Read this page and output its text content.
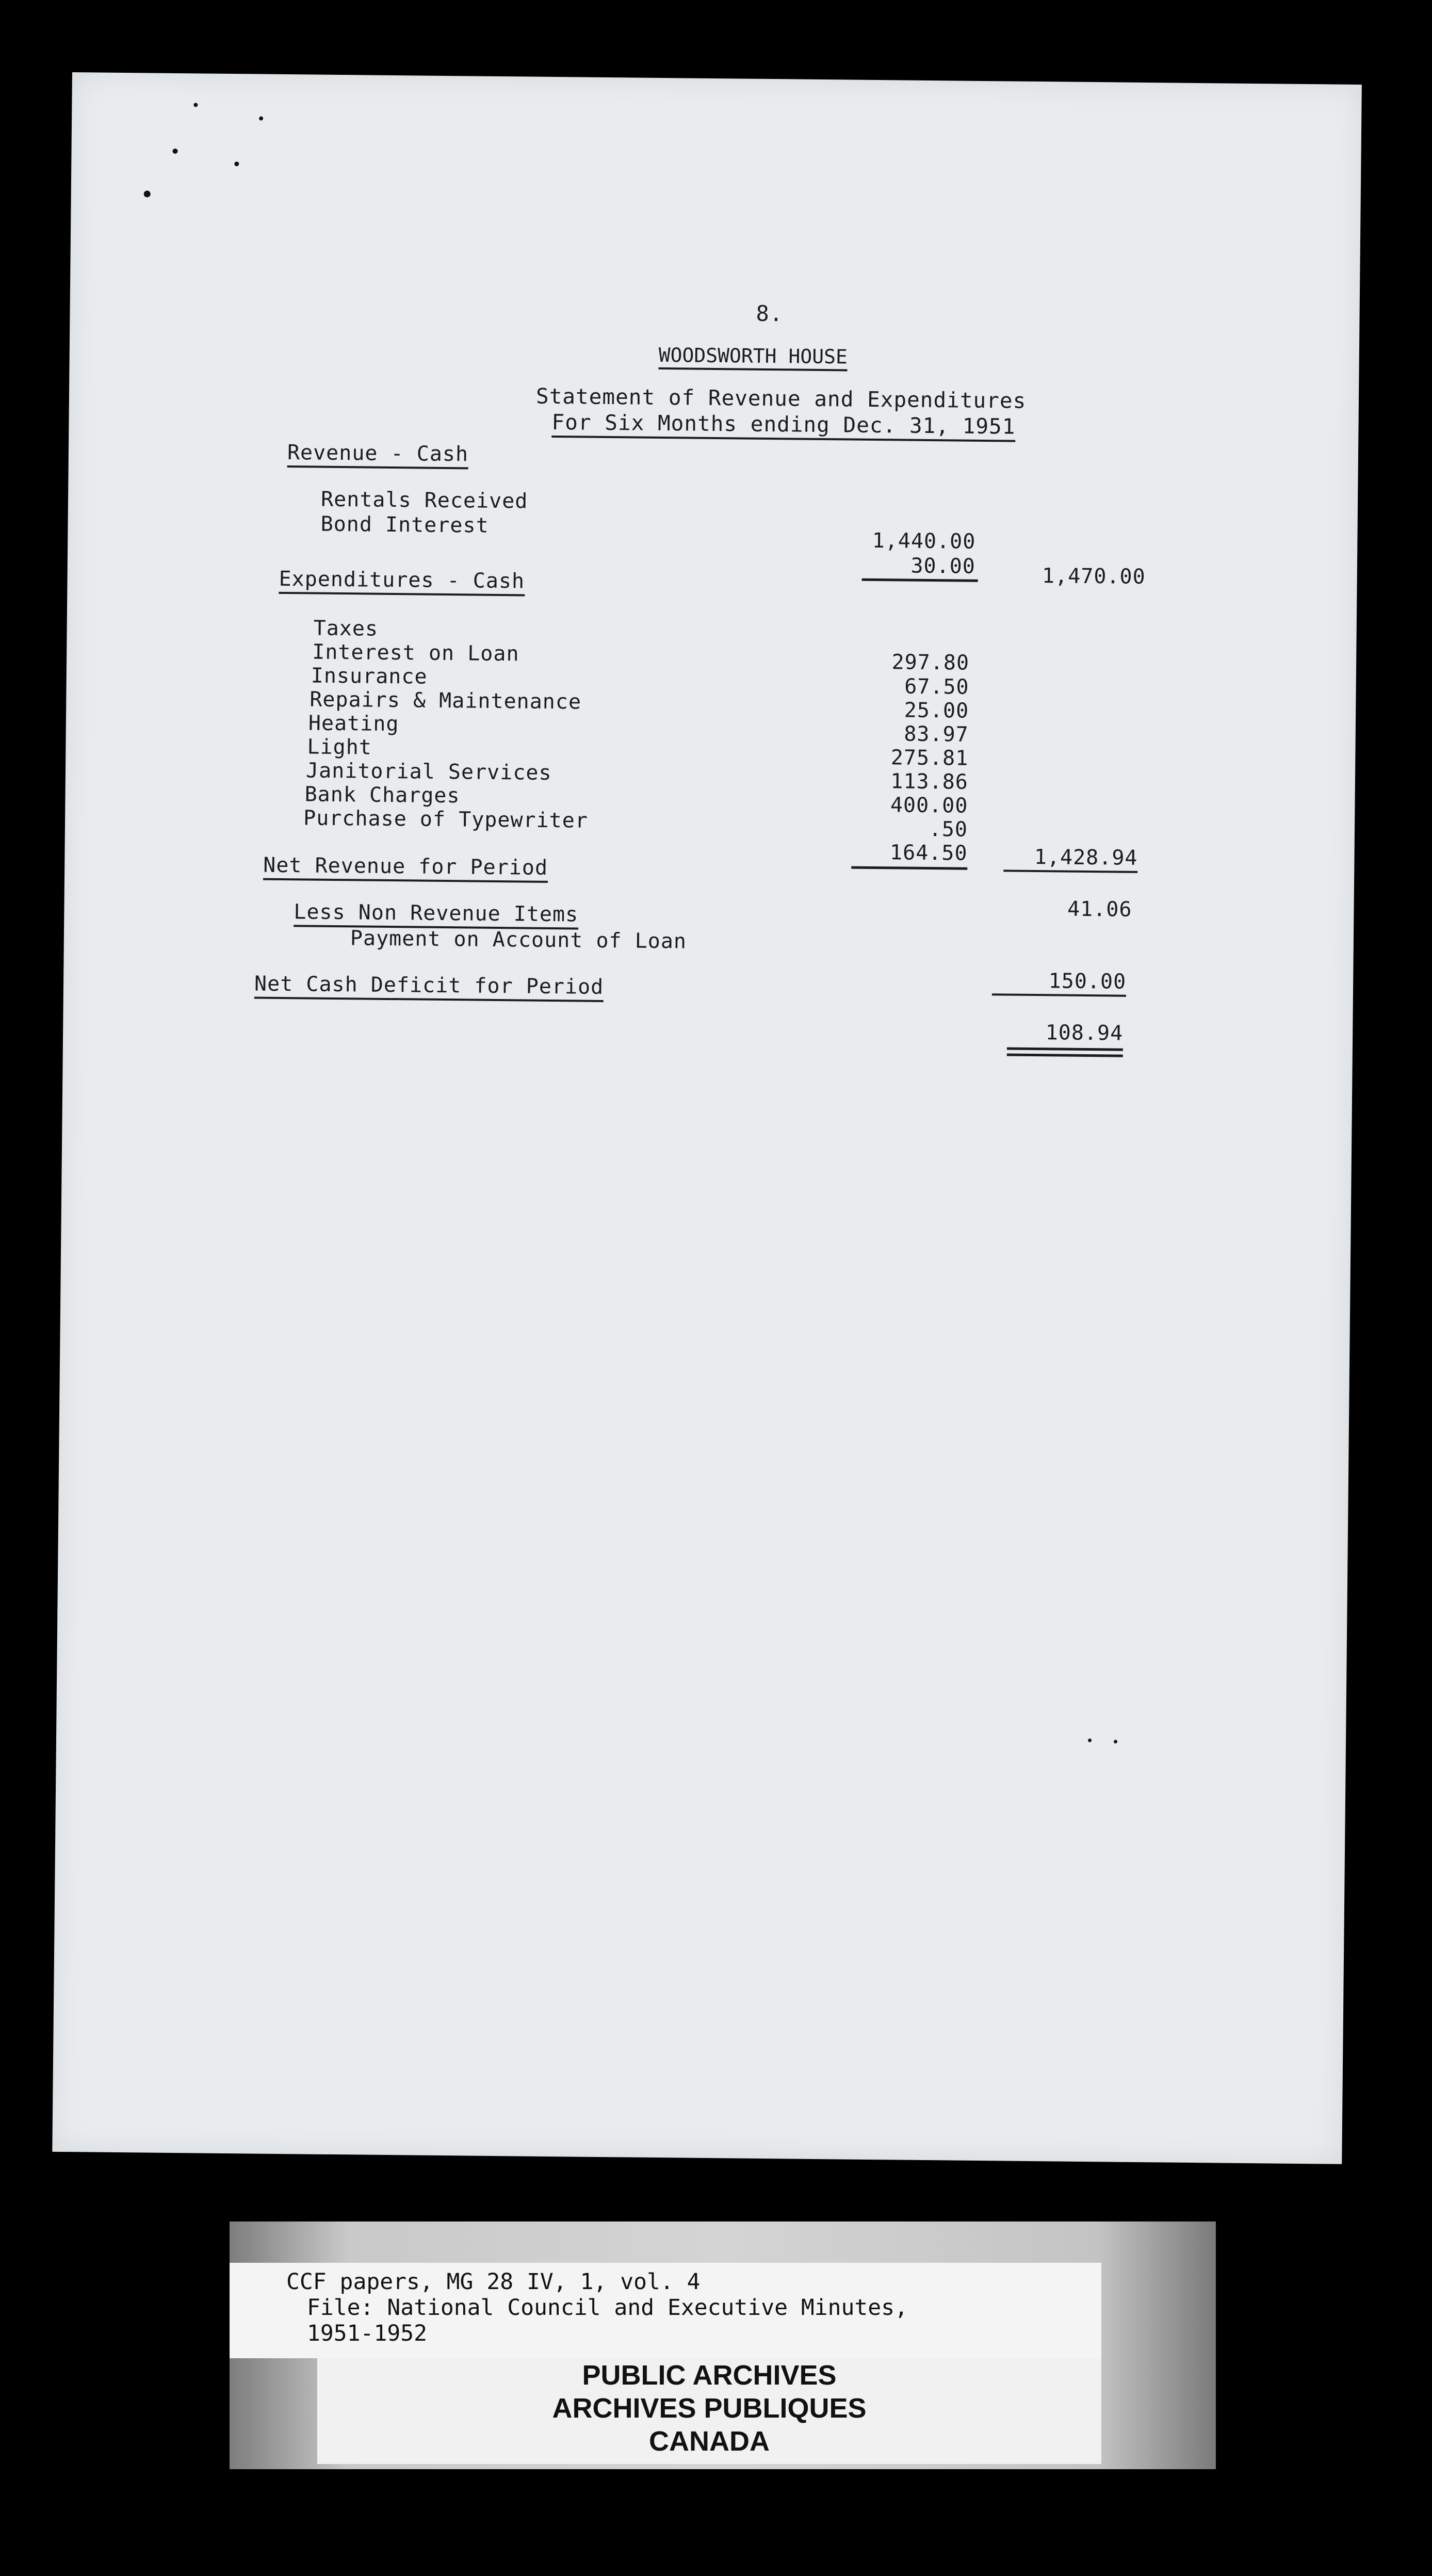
8.
WOODSWORTH HOUSE
Statement of Revenue and Expenditures
For Six Months ending Dec. 31, 1951
Revenue - Cash
Rentals Received
Bond Interest
1,440.00
30.00	1,470.00
Expenditures - Cash
Taxes
Interest on Loan
Insurance
Repairs & Maintenance
Heating
Light
Janitorial Services
Bank Charges
Purchase of Typewriter
297.80
67.50
25.00
83.97
275.81
113.86
400.00
.50
164.50	1,428.94
Net Revenue for Period
41.06
Less Non Revenue Items
Payment on Account of Loan
150.00
Net Cash Deficit for Period
108.94
CCF papers, MG 28 IV, 1, vol. 4
File: National Council and Executive Minutes,
1951-1952
PUBLIC ARCHIVES
ARCHIVES PUBLIQUES
CANADA
